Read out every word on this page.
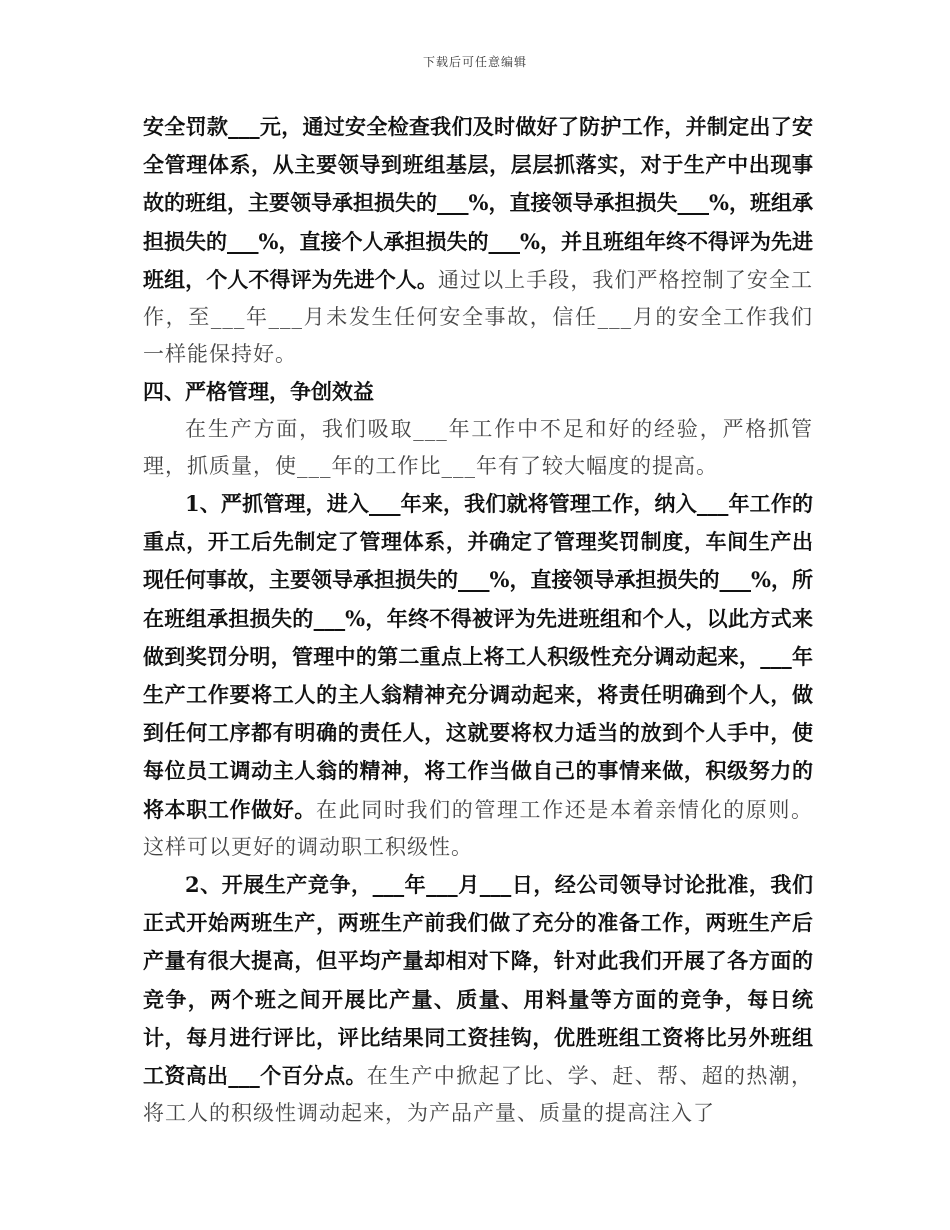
下载后可任意编辑

安全罚款___元，通过安全检查我们及时做好了防护工作，并制定出了安全管理体系，从主要领导到班组基层，层层抓落实，对于生产中出现事故的班组，主要领导承担损失的___%，直接领导承担损失___%，班组承担损失的___%，直接个人承担损失的___%，并且班组年终不得评为先进班组，个人不得评为先进个人。通过以上手段，我们严格控制了安全工作，至___年___月未发生任何安全事故，信任___月的安全工作我们一样能保持好。

四、严格管理，争创效益

在生产方面，我们吸取___年工作中不足和好的经验，严格抓管理，抓质量，使___年的工作比___年有了较大幅度的提高。

1、严抓管理，进入___年来，我们就将管理工作，纳入___年工作的重点，开工后先制定了管理体系，并确定了管理奖罚制度，车间生产出现任何事故，主要领导承担损失的___%，直接领导承担损失的___%，所在班组承担损失的___%，年终不得被评为先进班组和个人，以此方式来做到奖罚分明，管理中的第二重点上将工人积级性充分调动起来，___年生产工作要将工人的主人翁精神充分调动起来，将责任明确到个人，做到任何工序都有明确的责任人，这就要将权力适当的放到个人手中，使每位员工调动主人翁的精神，将工作当做自己的事情来做，积级努力的将本职工作做好。在此同时我们的管理工作还是本着亲情化的原则。这样可以更好的调动职工积级性。

2、开展生产竞争，___年___月___日，经公司领导讨论批准，我们正式开始两班生产，两班生产前我们做了充分的准备工作，两班生产后产量有很大提高，但平均产量却相对下降，针对此我们开展了各方面的竞争，两个班之间开展比产量、质量、用料量等方面的竞争，每日统计，每月进行评比，评比结果同工资挂钩，优胜班组工资将比另外班组工资高出___个百分点。在生产中掀起了比、学、赶、帮、超的热潮，将工人的积级性调动起来，为产品产量、质量的提高注入了
